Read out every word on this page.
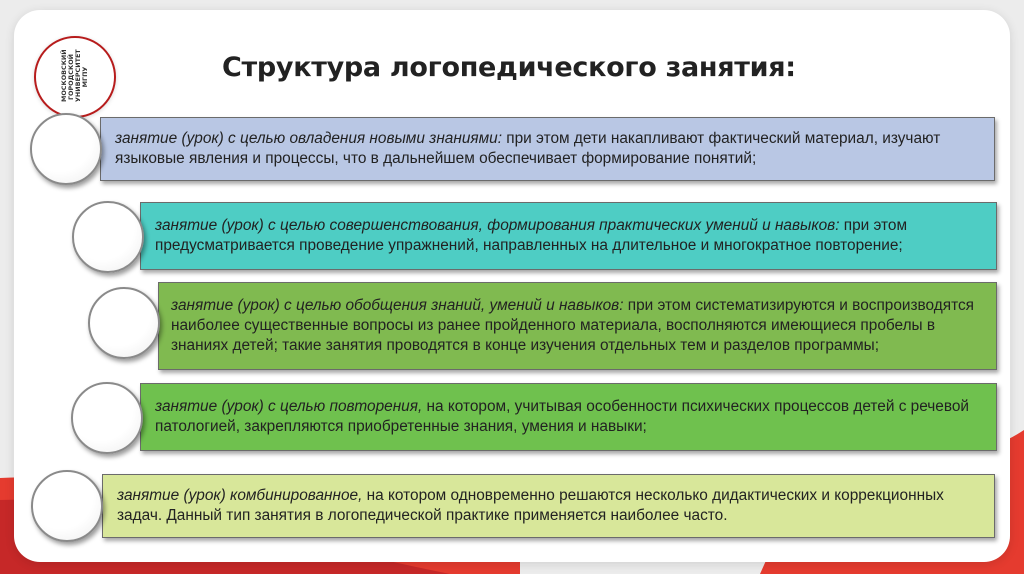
МОСКОВСКИЙ ГОРОДСКОЙ УНИВЕРСИТЕТ МГПУ	Структура логопедического занятия:
занятие (урок) с целью овладения новыми знаниями: при этом дети накапливают фактический материал, изучают языковые явления и процессы, что в дальнейшем обеспечивает формирование понятий;
занятие (урок) с целью совершенствования, формирования практических умений и навыков: при этом предусматривается проведение упражнений, направленных на длительное и многократное повторение;
занятие (урок) с целью обобщения знаний, умений и навыков: при этом систематизируются и воспроизводятся наиболее существенные вопросы из ранее пройденного материала, восполняются имеющиеся пробелы в знаниях детей; такие занятия проводятся в конце изучения отдельных тем и разделов программы;
занятие (урок) с целью повторения, на котором, учитывая особенности психических процессов детей с речевой патологией, закрепляются приобретенные знания, умения и навыки;
занятие (урок) комбинированное, на котором одновременно решаются несколько дидактических и коррекционных задач. Данный тип занятия в логопедической практике применяется наиболее часто.
